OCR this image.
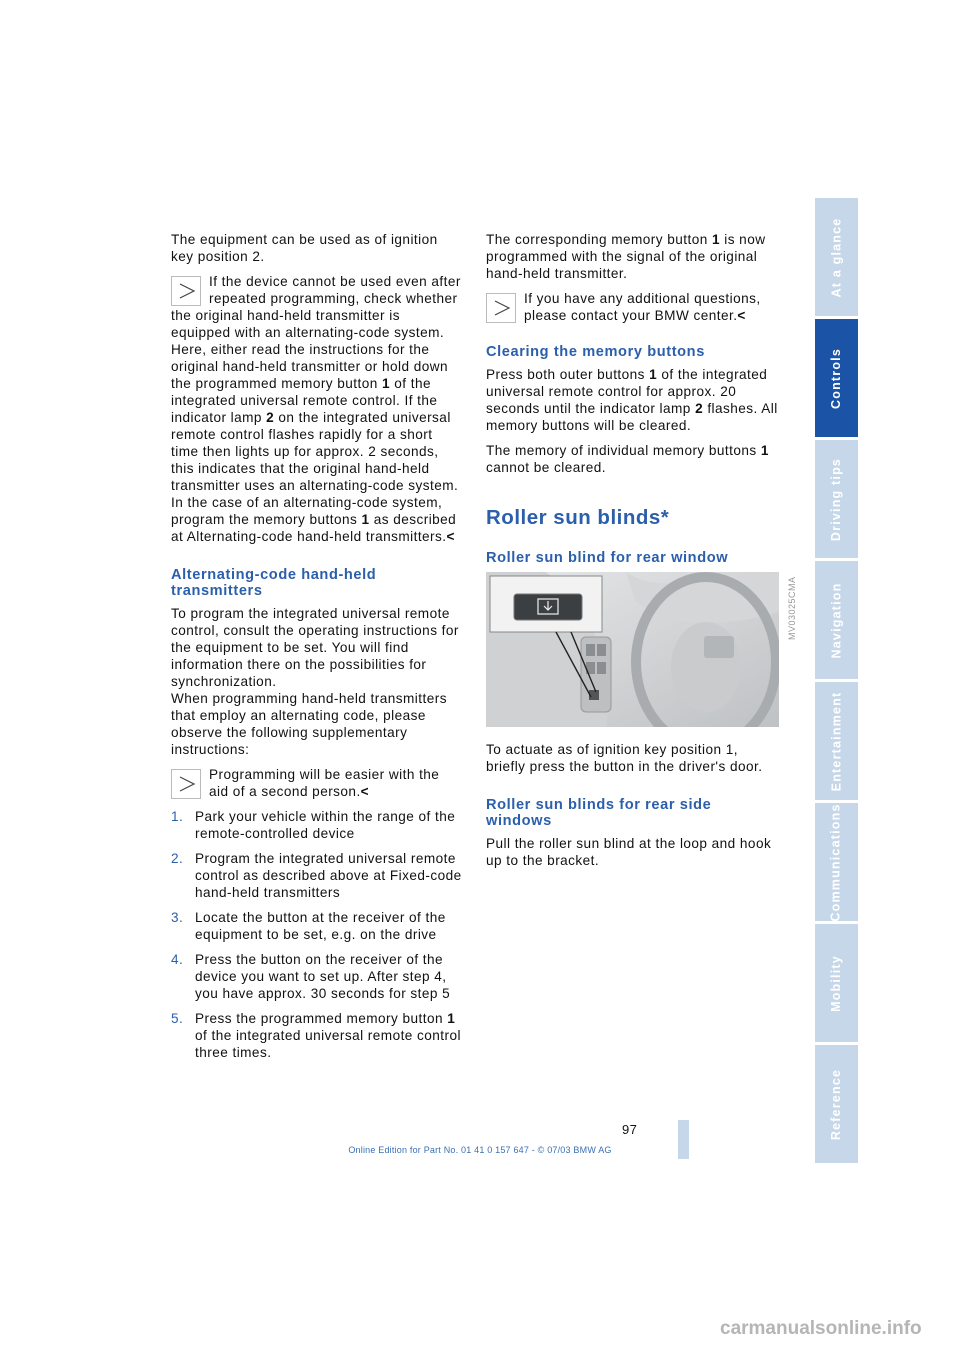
The equipment can be used as of ignition key position 2.

If the device cannot be used even after repeated programming, check whether the original hand-held transmitter is equipped with an alternating-code system. Here, either read the instructions for the original hand-held transmitter or hold down the programmed memory button 1 of the integrated universal remote control. If the indicator lamp 2 on the integrated universal remote control flashes rapidly for a short time then lights up for approx. 2 seconds, this indicates that the original hand-held transmitter uses an alternating-code system. In the case of an alternating-code system, program the memory buttons 1 as described at Alternating-code hand-held transmitters.<
Alternating-code hand-held transmitters

To program the integrated universal remote control, consult the operating instructions for the equipment to be set. You will find information there on the possibilities for synchronization.

When programming hand-held transmitters that employ an alternating code, please observe the following supplementary instructions:

Programming will be easier with the aid of a second person.<
1. Park your vehicle within the range of the remote-controlled device
2. Program the integrated universal remote control as described above at Fixed-code hand-held transmitters
3. Locate the button at the receiver of the equipment to be set, e.g. on the drive
4. Press the button on the receiver of the device you want to set up. After step 4, you have approx. 30 seconds for step 5
5. Press the programmed memory button 1 of the integrated universal remote control three times.

The corresponding memory button 1 is now programmed with the signal of the original hand-held transmitter.

If you have any additional questions, please contact your BMW center.<
Clearing the memory buttons

Press both outer buttons 1 of the integrated universal remote control for approx. 20 seconds until the indicator lamp 2 flashes. All memory buttons will be cleared.

The memory of individual memory buttons 1 cannot be cleared.

Roller sun blinds*
Roller sun blind for rear window

To actuate as of ignition key position 1, briefly press the button in the driver's door.

Roller sun blinds for rear side windows

Pull the roller sun blind at the loop and hook up to the bracket.

MV03025CMA
At a glance
Controls
Driving tips
Navigation
Entertainment
Communications
Mobility
Reference
97
Online Edition for Part No. 01 41 0 157 647 - © 07/03 BMW AG
carmanualsonline.info
